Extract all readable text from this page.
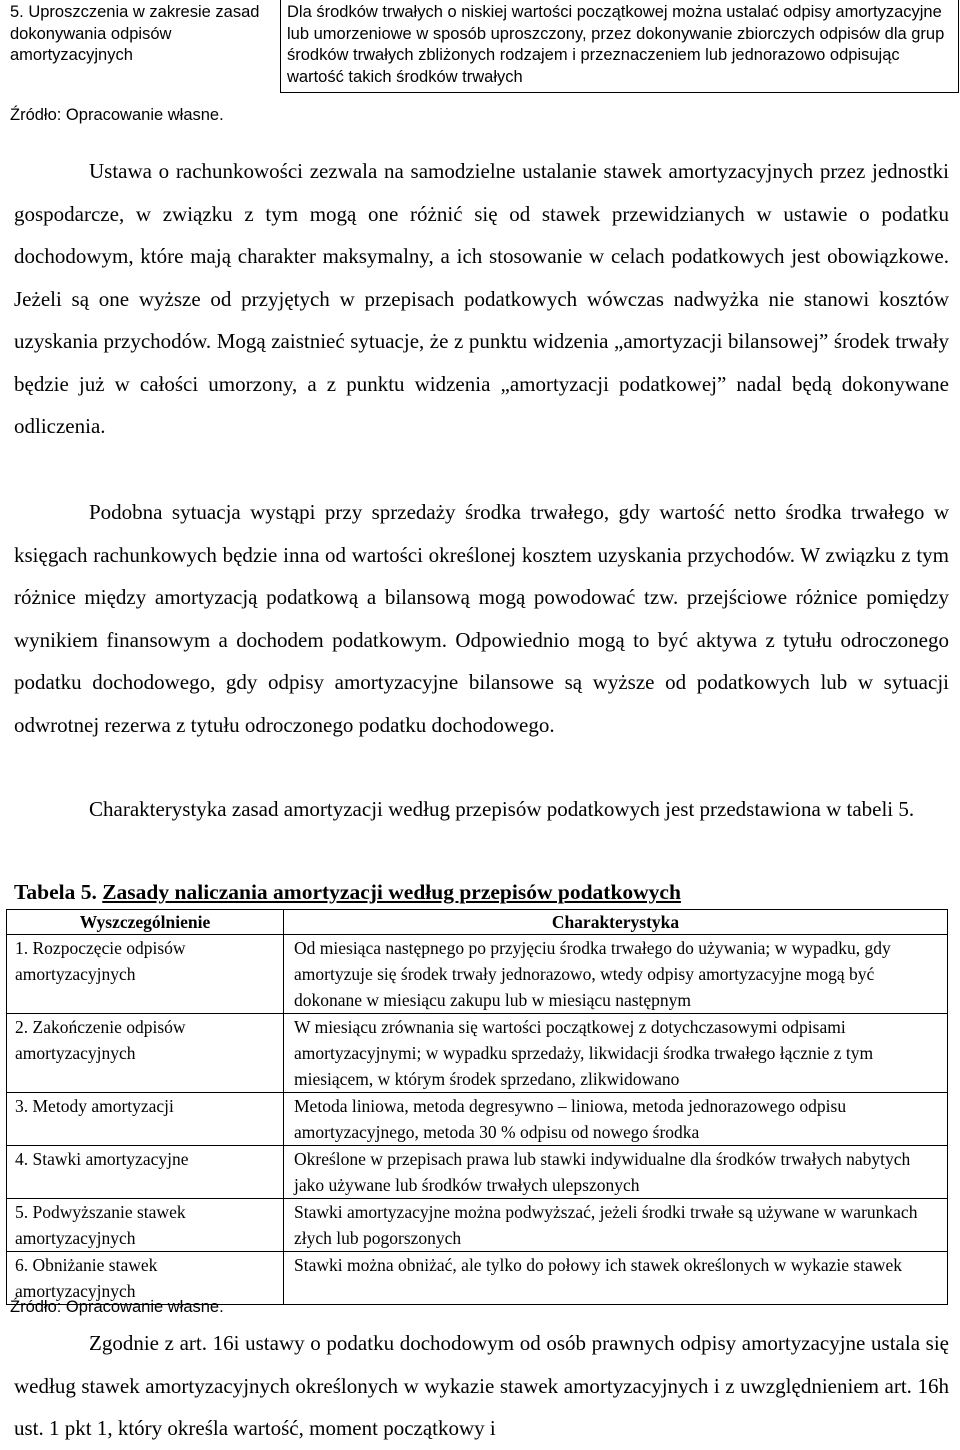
5. Uproszczenia w zakresie zasad dokonywania odpisów amortyzacyjnych	Dla środków trwałych o niskiej wartości początkowej można ustalać odpisy amortyzacyjne lub umorzeniowe w sposób uproszczony, przez dokonywanie zbiorczych odpisów dla grup środków trwałych zbliżonych rodzajem i przeznaczeniem lub jednorazowo odpisując wartość takich środków trwałych
Źródło: Opracowanie własne.

Ustawa o rachunkowości zezwala na samodzielne ustalanie stawek amortyzacyjnych przez jednostki gospodarcze, w związku z tym mogą one różnić się od stawek przewidzianych w ustawie o podatku dochodowym, które mają charakter maksymalny, a ich stosowanie w celach podatkowych jest obowiązkowe. Jeżeli są one wyższe od przyjętych w przepisach podatkowych wówczas nadwyżka nie stanowi kosztów uzyskania przychodów. Mogą zaistnieć sytuacje, że z punktu widzenia „amortyzacji bilansowej” środek trwały będzie już w całości umorzony, a z punktu widzenia „amortyzacji podatkowej” nadal będą dokonywane odliczenia.

Podobna sytuacja wystąpi przy sprzedaży środka trwałego, gdy wartość netto środka trwałego w księgach rachunkowych będzie inna od wartości określonej kosztem uzyskania przychodów. W związku z tym różnice między amortyzacją podatkową a bilansową mogą powodować tzw. przejściowe różnice pomiędzy wynikiem finansowym a dochodem podatkowym. Odpowiednio mogą to być aktywa z tytułu odroczonego podatku dochodowego, gdy odpisy amortyzacyjne bilansowe są wyższe od podatkowych lub w sytuacji odwrotnej rezerwa z tytułu odroczonego podatku dochodowego.

Charakterystyka zasad amortyzacji według przepisów podatkowych jest przedstawiona w tabeli 5.

Tabela 5. Zasady naliczania amortyzacji według przepisów podatkowych

Wyszczególnienie	Charakterystyka
1. Rozpoczęcie odpisów amortyzacyjnych	Od miesiąca następnego po przyjęciu środka trwałego do używania; w wypadku, gdy amortyzuje się środek trwały jednorazowo, wtedy odpisy amortyzacyjne mogą być dokonane w miesiącu zakupu lub w miesiącu następnym
2. Zakończenie odpisów amortyzacyjnych	W miesiącu zrównania się wartości początkowej z dotychczasowymi odpisami amortyzacyjnymi; w wypadku sprzedaży, likwidacji środka trwałego łącznie z tym miesiącem, w którym środek sprzedano, zlikwidowano
3. Metody amortyzacji	Metoda liniowa, metoda degresywno – liniowa, metoda jednorazowego odpisu amortyzacyjnego, metoda 30 % odpisu od nowego środka
4. Stawki amortyzacyjne	Określone w przepisach prawa lub stawki indywidualne dla środków trwałych nabytych jako używane lub środków trwałych ulepszonych
5. Podwyższanie stawek amortyzacyjnych	Stawki amortyzacyjne można podwyższać, jeżeli środki trwałe są używane w warunkach złych lub pogorszonych
6. Obniżanie stawek amortyzacyjnych	Stawki można obniżać, ale tylko do połowy ich stawek określonych w wykazie stawek
Źródło: Opracowanie własne.

Zgodnie z art. 16i ustawy o podatku dochodowym od osób prawnych odpisy amortyzacyjne ustala się według stawek amortyzacyjnych określonych w wykazie stawek amortyzacyjnych i z uwzględnieniem art. 16h ust. 1 pkt 1, który określa wartość, moment początkowy i
